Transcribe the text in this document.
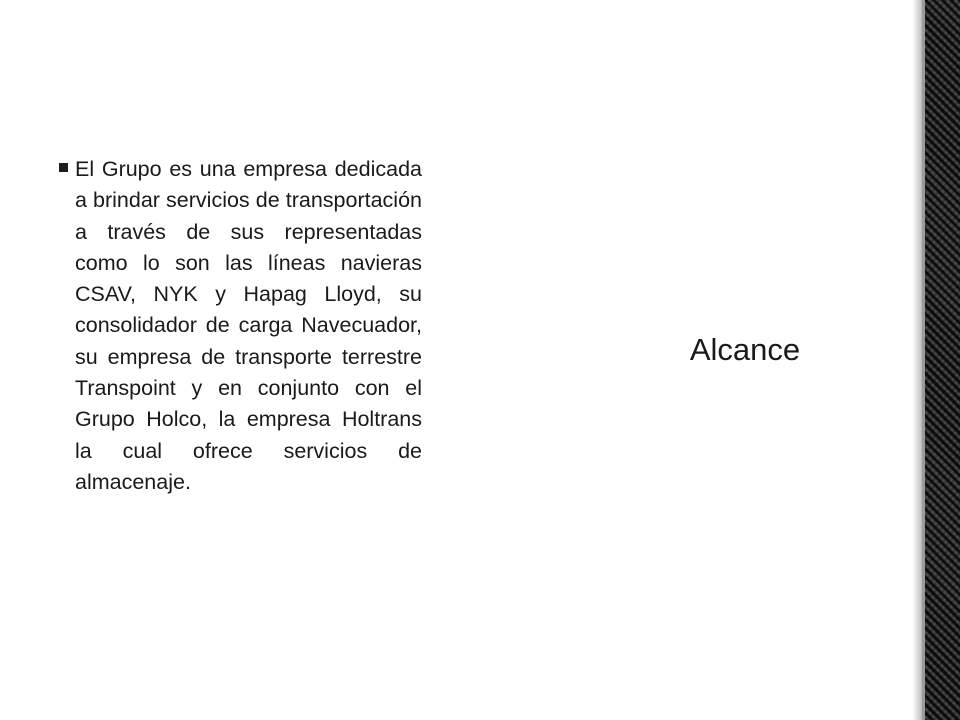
El Grupo es una empresa dedicada a brindar servicios de transportación a través de sus representadas como lo son las líneas navieras CSAV, NYK y Hapag Lloyd, su consolidador de carga Navecuador, su empresa de transporte terrestre Transpoint y en conjunto con el Grupo Holco, la empresa Holtrans la cual ofrece servicios de almacenaje.

Alcance
